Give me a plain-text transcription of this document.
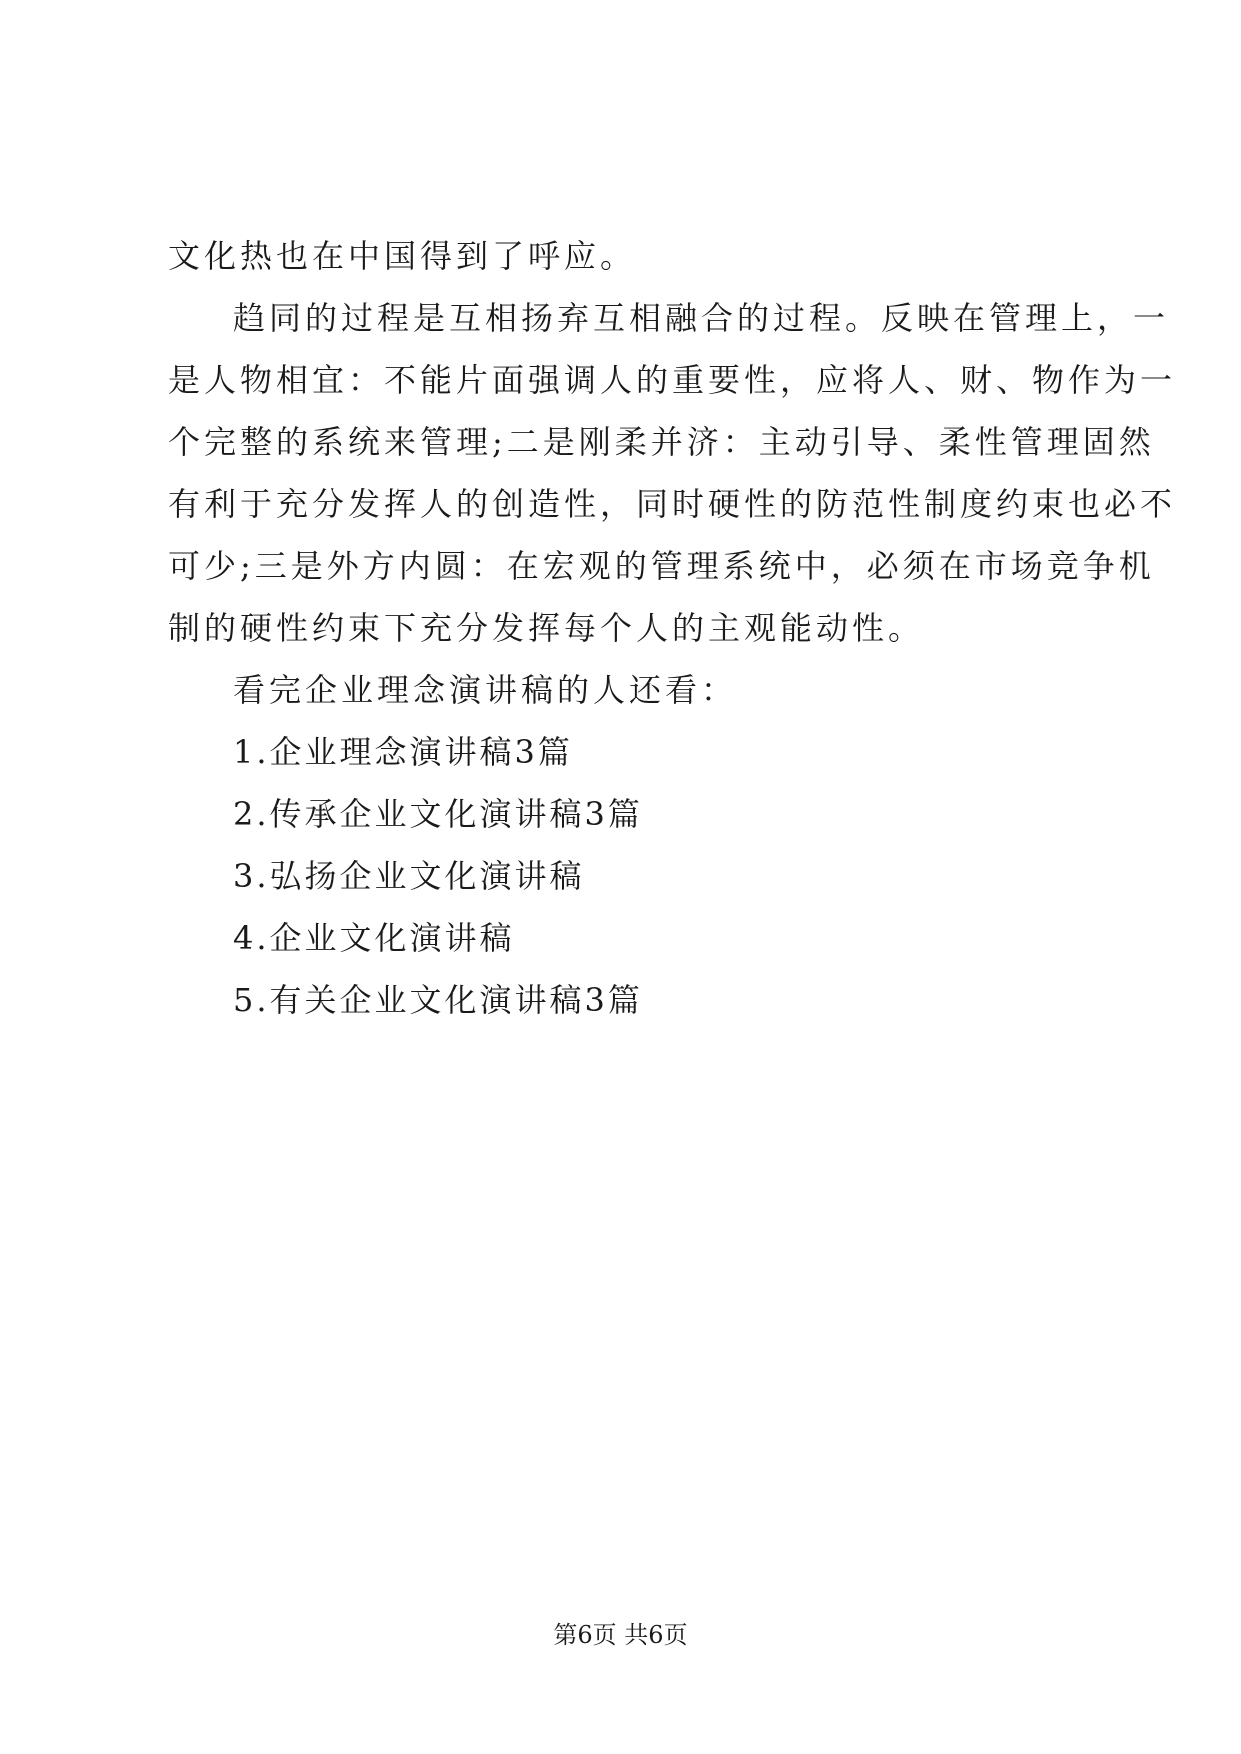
文化热也在中国得到了呼应。
趋同的过程是互相扬弃互相融合的过程。反映在管理上，一
是人物相宜：不能片面强调人的重要性，应将人、财、物作为一
个完整的系统来管理;二是刚柔并济：主动引导、柔性管理固然
有利于充分发挥人的创造性，同时硬性的防范性制度约束也必不
可少;三是外方内圆：在宏观的管理系统中，必须在市场竞争机
制的硬性约束下充分发挥每个人的主观能动性。
看完企业理念演讲稿的人还看：
1.企业理念演讲稿3篇
2.传承企业文化演讲稿3篇
3.弘扬企业文化演讲稿
4.企业文化演讲稿
5.有关企业文化演讲稿3篇
第6页 共6页
